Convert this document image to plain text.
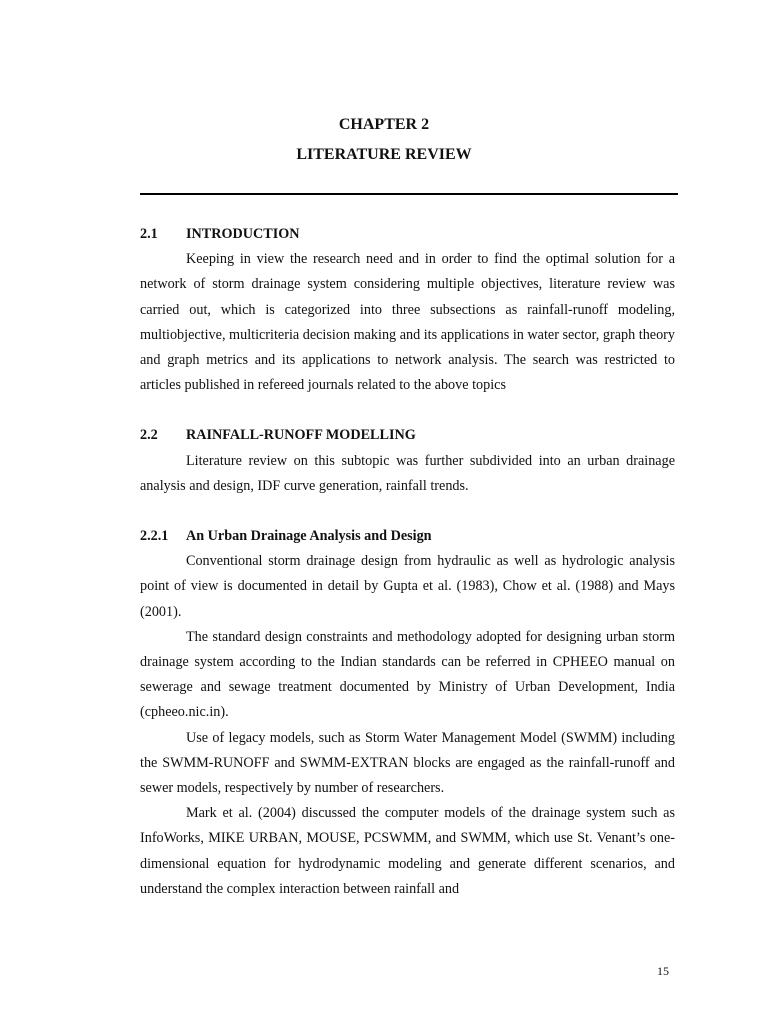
CHAPTER 2
LITERATURE REVIEW
2.1 INTRODUCTION

Keeping in view the research need and in order to find the optimal solution for a network of storm drainage system considering multiple objectives, literature review was carried out, which is categorized into three subsections as rainfall-runoff modeling, multiobjective, multicriteria decision making and its applications in water sector, graph theory and graph metrics and its applications to network analysis. The search was restricted to articles published in refereed journals related to the above topics

2.2 RAINFALL-RUNOFF MODELLING

Literature review on this subtopic was further subdivided into an urban drainage analysis and design, IDF curve generation, rainfall trends.

2.2.1 An Urban Drainage Analysis and Design

Conventional storm drainage design from hydraulic as well as hydrologic analysis point of view is documented in detail by Gupta et al. (1983), Chow et al. (1988) and Mays (2001).

The standard design constraints and methodology adopted for designing urban storm drainage system according to the Indian standards can be referred in CPHEEO manual on sewerage and sewage treatment documented by Ministry of Urban Development, India (cpheeo.nic.in).

Use of legacy models, such as Storm Water Management Model (SWMM) including the SWMM-RUNOFF and SWMM-EXTRAN blocks are engaged as the rainfall-runoff and sewer models, respectively by number of researchers.

Mark et al. (2004) discussed the computer models of the drainage system such as InfoWorks, MIKE URBAN, MOUSE, PCSWMM, and SWMM, which use St. Venant’s one-dimensional equation for hydrodynamic modeling and generate different scenarios, and understand the complex interaction between rainfall and

15
